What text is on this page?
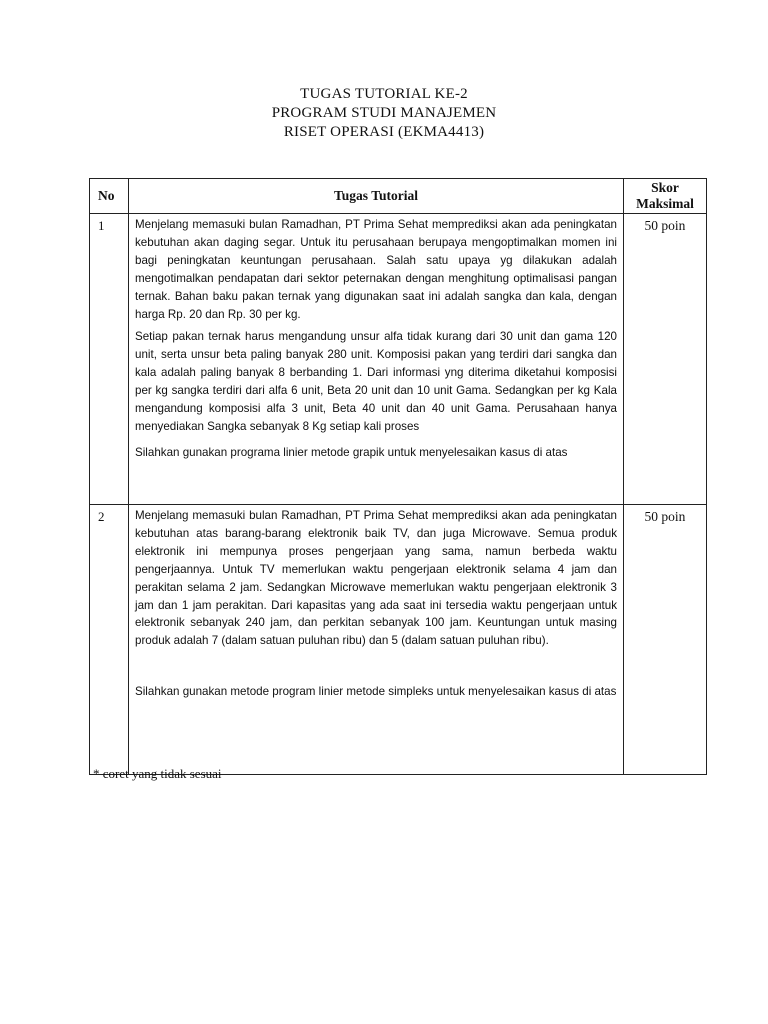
TUGAS TUTORIAL KE-2
PROGRAM STUDI MANAJEMEN
RISET OPERASI (EKMA4413)
No	Tugas Tutorial	Skor
Maksimal

1	Menjelang memasuki bulan Ramadhan, PT Prima Sehat memprediksi akan ada peningkatan kebutuhan akan daging segar. Untuk itu perusahaan berupaya mengoptimalkan momen ini bagi peningkatan keuntungan perusahaan. Salah satu upaya yg dilakukan adalah mengotimalkan pendapatan dari sektor peternakan dengan menghitung optimalisasi pangan ternak. Bahan baku pakan ternak yang digunakan saat ini adalah sangka dan kala, dengan harga Rp. 20 dan Rp. 30 per kg.

Setiap pakan ternak harus mengandung unsur alfa tidak kurang dari 30 unit dan gama 120 unit, serta unsur beta paling banyak 280 unit. Komposisi pakan yang terdiri dari sangka dan kala adalah paling banyak 8 berbanding 1. Dari informasi yng diterima diketahui komposisi per kg sangka terdiri dari alfa 6 unit, Beta 20 unit dan 10 unit Gama. Sedangkan per kg Kala mengandung komposisi alfa 3 unit, Beta 40 unit dan 40 unit Gama. Perusahaan hanya menyediakan Sangka sebanyak 8 Kg setiap kali proses

Silahkan gunakan programa linier metode grapik untuk menyelesaikan kasus di atas	50 poin
2	Menjelang memasuki bulan Ramadhan, PT Prima Sehat memprediksi akan ada peningkatan kebutuhan atas barang-barang elektronik baik TV, dan juga Microwave. Semua produk elektronik ini mempunya proses pengerjaan yang sama, namun berbeda waktu pengerjaannya. Untuk TV memerlukan waktu pengerjaan elektronik selama 4 jam dan perakitan selama 2 jam. Sedangkan Microwave memerlukan waktu pengerjaan elektronik 3 jam dan 1 jam perakitan. Dari kapasitas yang ada saat ini tersedia waktu pengerjaan untuk elektronik sebanyak 240 jam, dan perkitan sebanyak 100 jam. Keuntungan untuk masing produk adalah 7 (dalam satuan puluhan ribu) dan 5 (dalam satuan puluhan ribu).

Silahkan gunakan metode program linier metode simpleks untuk menyelesaikan kasus di atas	50 poin
* coret yang tidak sesuai
